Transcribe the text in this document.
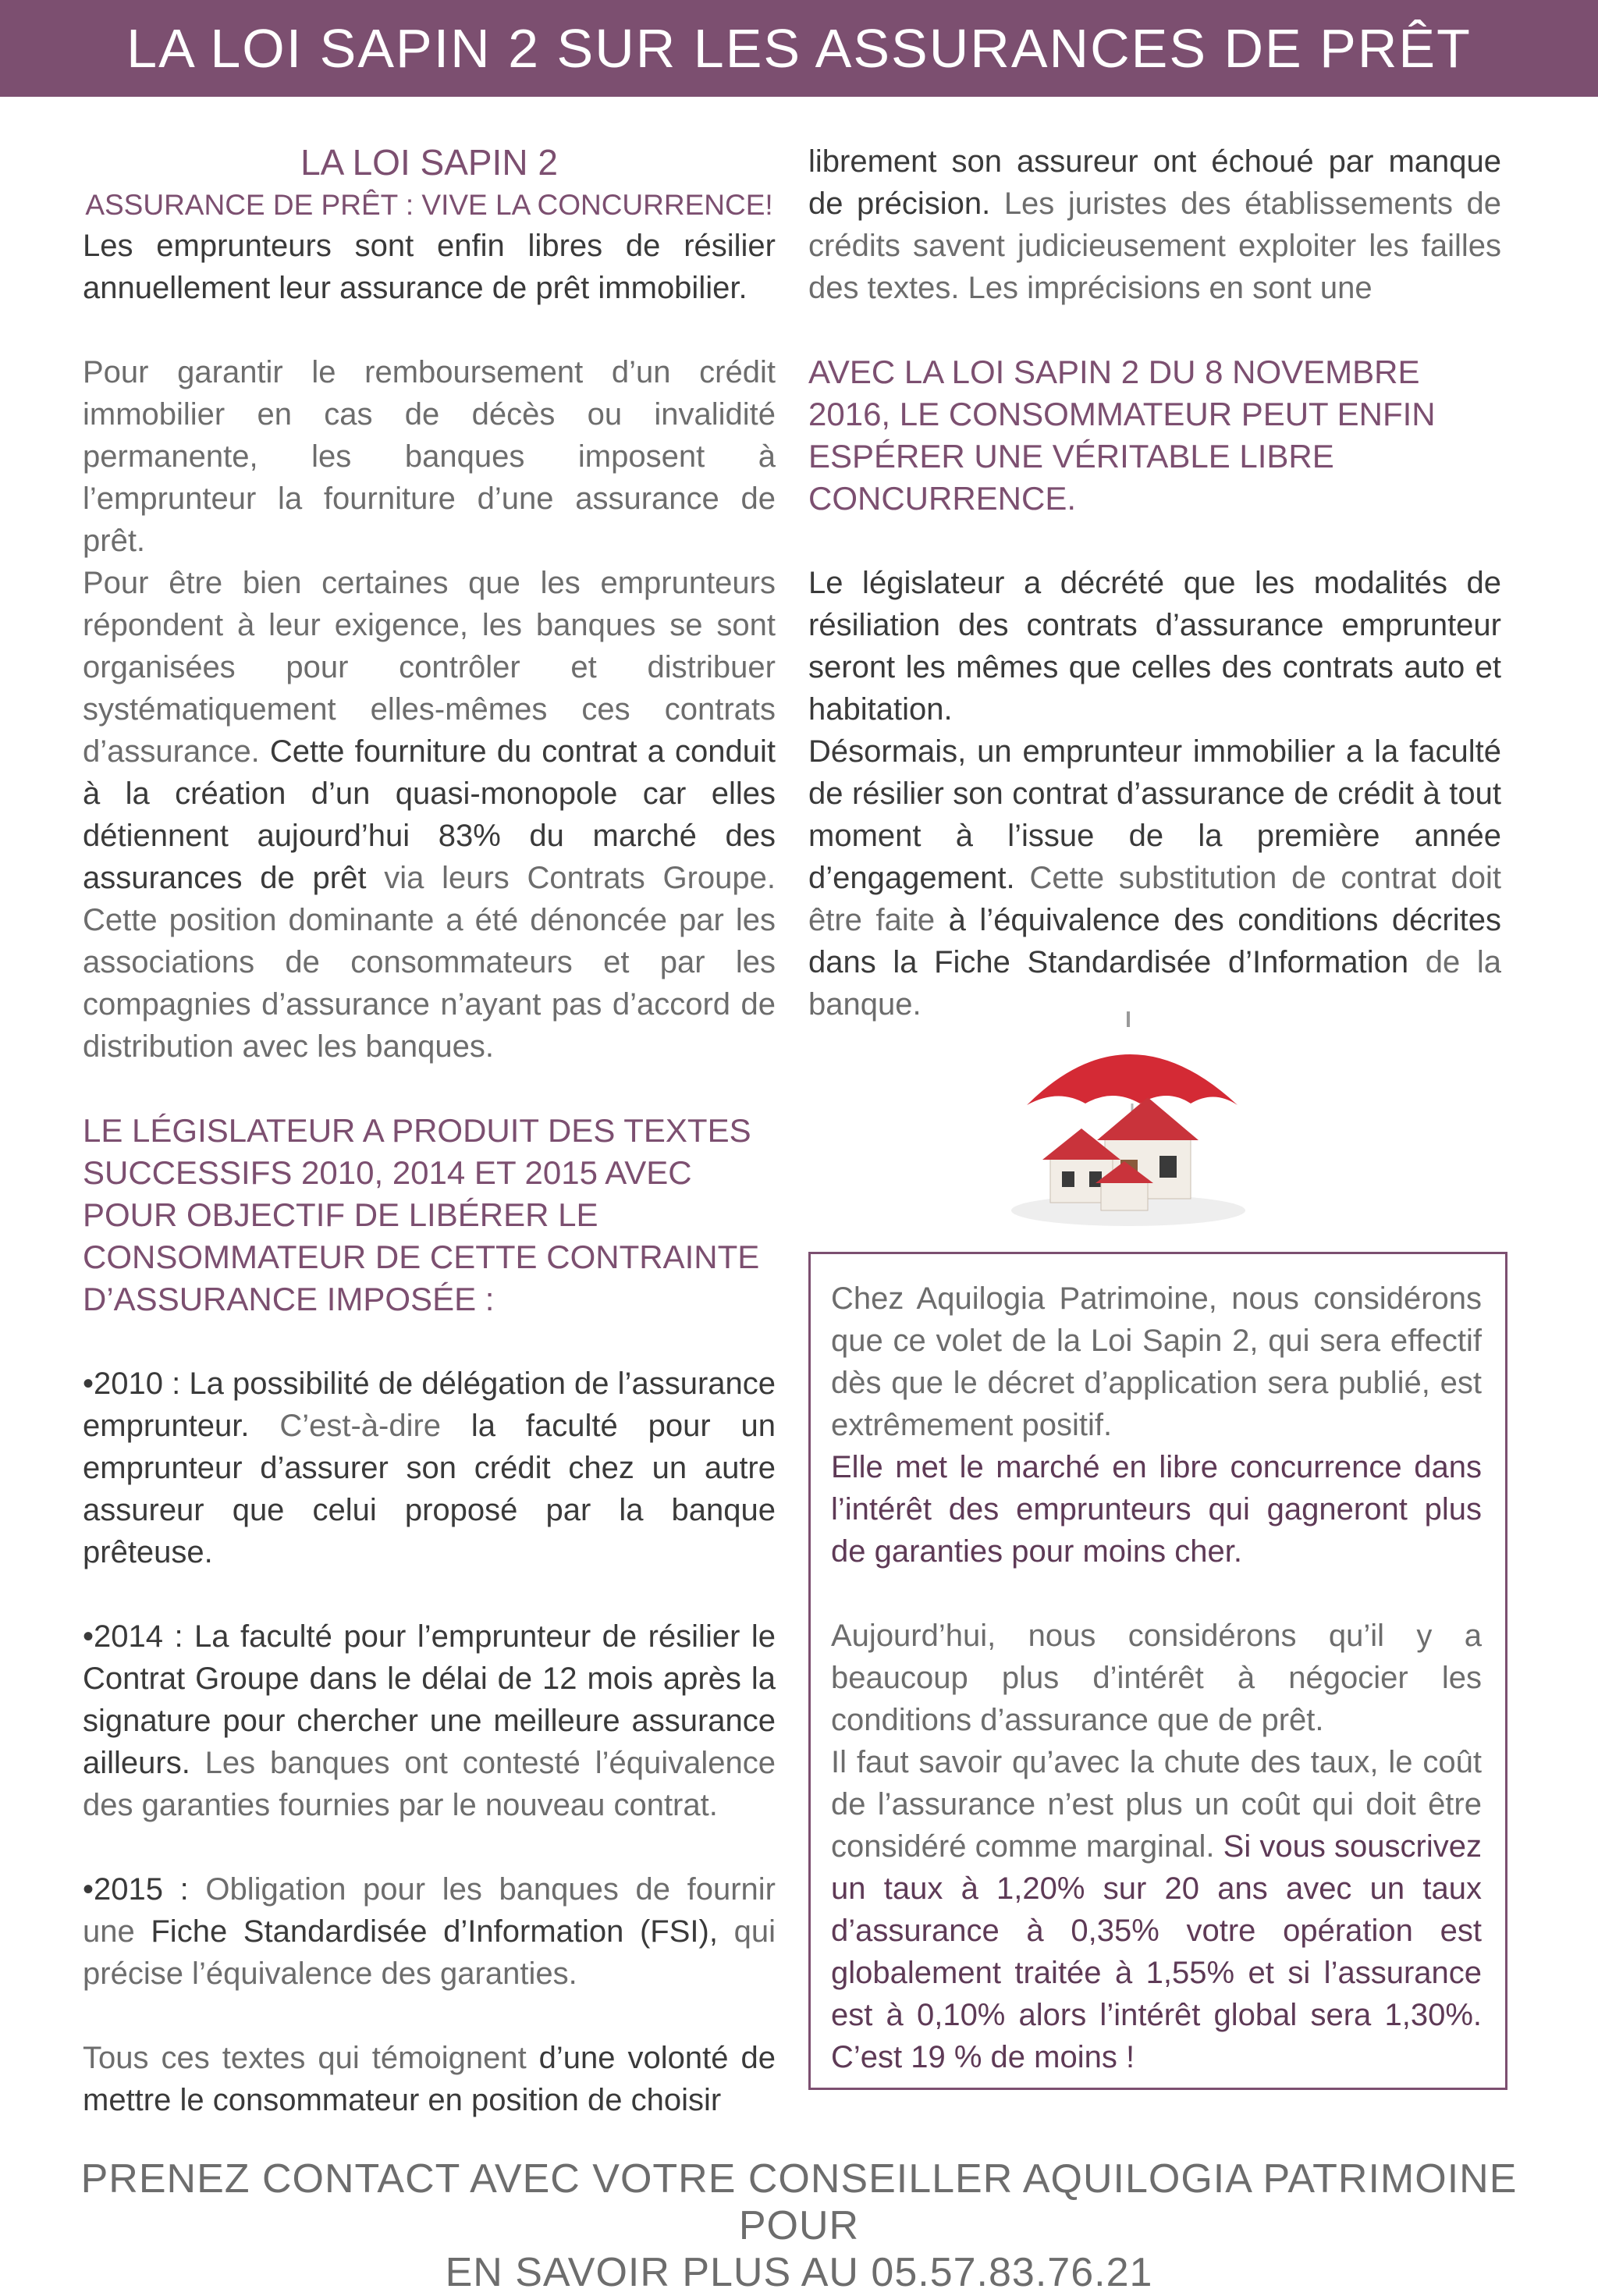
LA LOI SAPIN 2 SUR LES ASSURANCES DE PRÊT
LA LOI SAPIN 2
ASSURANCE DE PRÊT : VIVE LA CONCURRENCE!

Les emprunteurs sont enfin libres de résilier annuellement leur assurance de prêt immobilier.

Pour garantir le remboursement d’un crédit immobilier en cas de décès ou invalidité permanente, les banques imposent à l’emprunteur la fourniture d’une assurance de prêt.

Pour être bien certaines que les emprunteurs répondent à leur exigence, les banques se sont organisées pour contrôler et distribuer systématiquement elles-mêmes ces contrats d’assurance. Cette fourniture du contrat a conduit à la création d’un quasi-monopole car elles détiennent aujourd’hui 83% du marché des assurances de prêt via leurs Contrats Groupe. Cette position dominante a été dénoncée par les associations de consommateurs et par les compagnies d’assurance n’ayant pas d’accord de distribution avec les banques.

LE LÉGISLATEUR A PRODUIT DES TEXTES SUCCESSIFS 2010, 2014 ET 2015 AVEC POUR OBJECTIF DE LIBÉRER LE CONSOMMATEUR DE CETTE CONTRAINTE D’ASSURANCE IMPOSÉE :

•2010 : La possibilité de délégation de l’assurance emprunteur. C’est-à-dire la faculté pour un emprunteur d’assurer son crédit chez un autre assureur que celui proposé par la banque prêteuse.

•2014 : La faculté pour l’emprunteur de résilier le Contrat Groupe dans le délai de 12 mois après la signature pour chercher une meilleure assurance ailleurs. Les banques ont contesté l’équivalence des garanties fournies par le nouveau contrat.

•2015 : Obligation pour les banques de fournir une Fiche Standardisée d’Information (FSI), qui précise l’équivalence des garanties.

Tous ces textes qui témoignent d’une volonté de mettre le consommateur en position de choisir

librement son assureur ont échoué par manque de précision. Les juristes des établissements de crédits savent judicieusement exploiter les failles des textes. Les imprécisions en sont une

AVEC LA LOI SAPIN 2 DU 8 NOVEMBRE 2016, LE CONSOMMATEUR PEUT ENFIN ESPÉRER UNE VÉRITABLE LIBRE CONCURRENCE.

Le législateur a décrété que les modalités de résiliation des contrats d’assurance emprunteur seront les mêmes que celles des contrats auto et habitation.

Désormais, un emprunteur immobilier a la faculté de résilier son contrat d’assurance de crédit à tout moment à l’issue de la première année d’engagement. Cette substitution de contrat doit être faite à l’équivalence des conditions décrites dans la Fiche Standardisée d’Information de la banque.

Chez Aquilogia Patrimoine, nous considérons que ce volet de la Loi Sapin 2, qui sera effectif dès que le décret d’application sera publié, est extrêmement positif.

Elle met le marché en libre concurrence dans l’intérêt des emprunteurs qui gagneront plus de garanties pour moins cher.

Aujourd’hui, nous considérons qu’il y a beaucoup plus d’intérêt à négocier les conditions d’assurance que de prêt.

Il faut savoir qu’avec la chute des taux, le coût de l’assurance n’est plus un coût qui doit être considéré comme marginal. Si vous souscrivez un taux à 1,20% sur 20 ans avec un taux d’assurance à 0,35% votre opération est globalement traitée à 1,55% et si l’assurance est à 0,10% alors l’intérêt global sera 1,30%. C’est 19 % de moins !

PRENEZ CONTACT AVEC VOTRE CONSEILLER AQUILOGIA PATRIMOINE POUR
EN SAVOIR PLUS AU 05.57.83.76.21
